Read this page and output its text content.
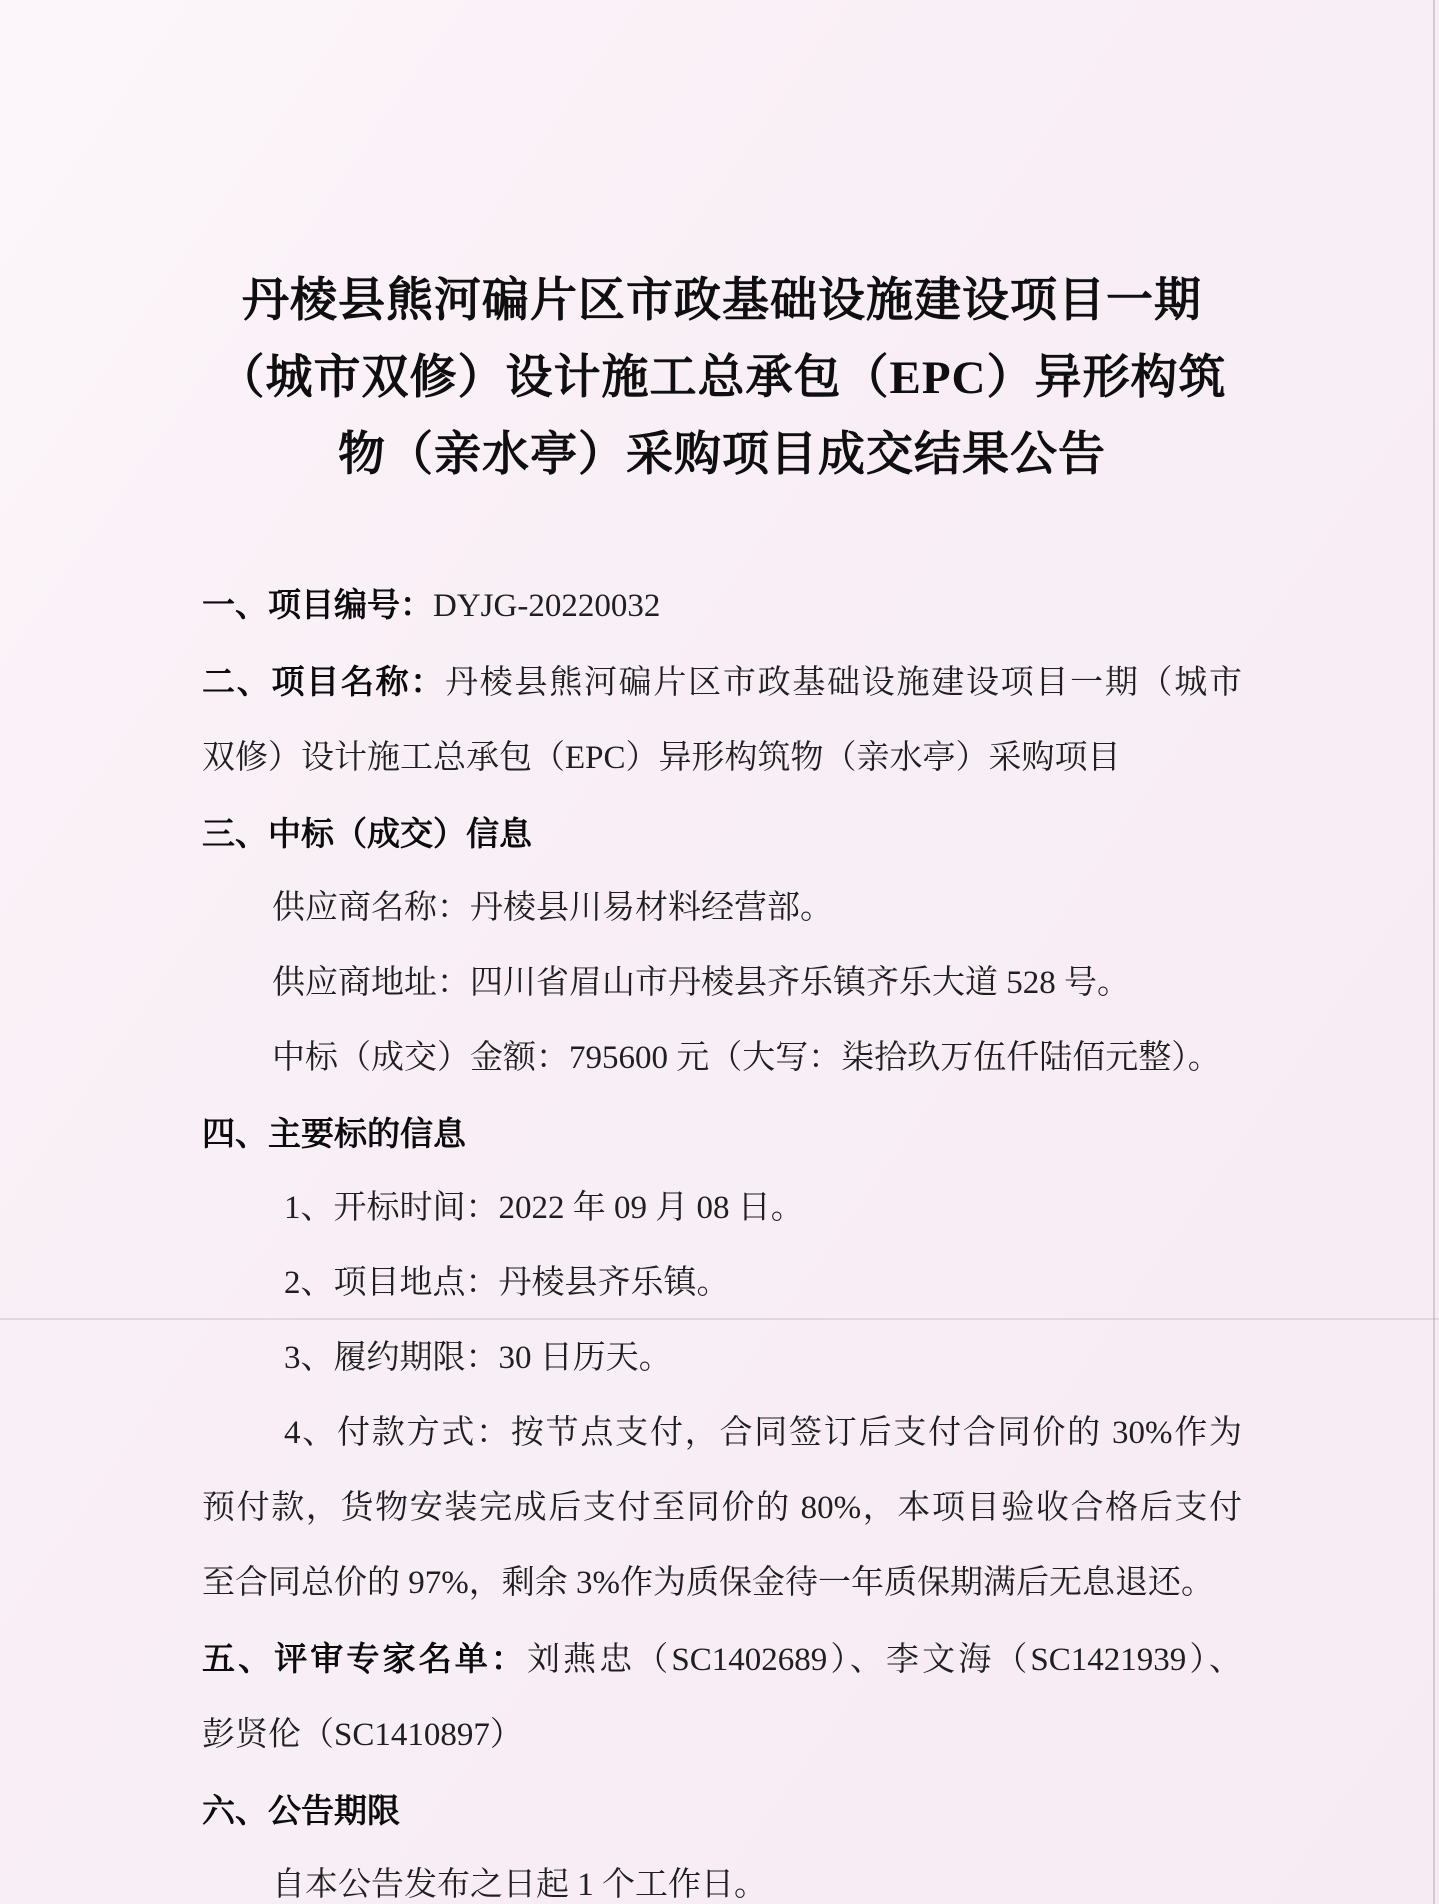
丹棱县熊河碥片区市政基础设施建设项目一期
（城市双修）设计施工总承包（EPC）异形构筑
物（亲水亭）采购项目成交结果公告
一、项目编号：DYJG-20220032
二、项目名称：丹棱县熊河碥片区市政基础设施建设项目一期（城市
双修）设计施工总承包（EPC）异形构筑物（亲水亭）采购项目
三、中标（成交）信息
供应商名称：丹棱县川易材料经营部。
供应商地址：四川省眉山市丹棱县齐乐镇齐乐大道 528 号。
中标（成交）金额：795600 元（大写：柒拾玖万伍仟陆佰元整）。
四、主要标的信息
1、开标时间：2022 年 09 月 08 日。
2、项目地点：丹棱县齐乐镇。
3、履约期限：30 日历天。
4、付款方式：按节点支付，合同签订后支付合同价的 30%作为
预付款，货物安装完成后支付至同价的 80%，本项目验收合格后支付
至合同总价的 97%，剩余 3%作为质保金待一年质保期满后无息退还。
五、评审专家名单：刘燕忠（SC1402689）、李文海（SC1421939）、
彭贤伦（SC1410897）
六、公告期限
自本公告发布之日起 1 个工作日。
